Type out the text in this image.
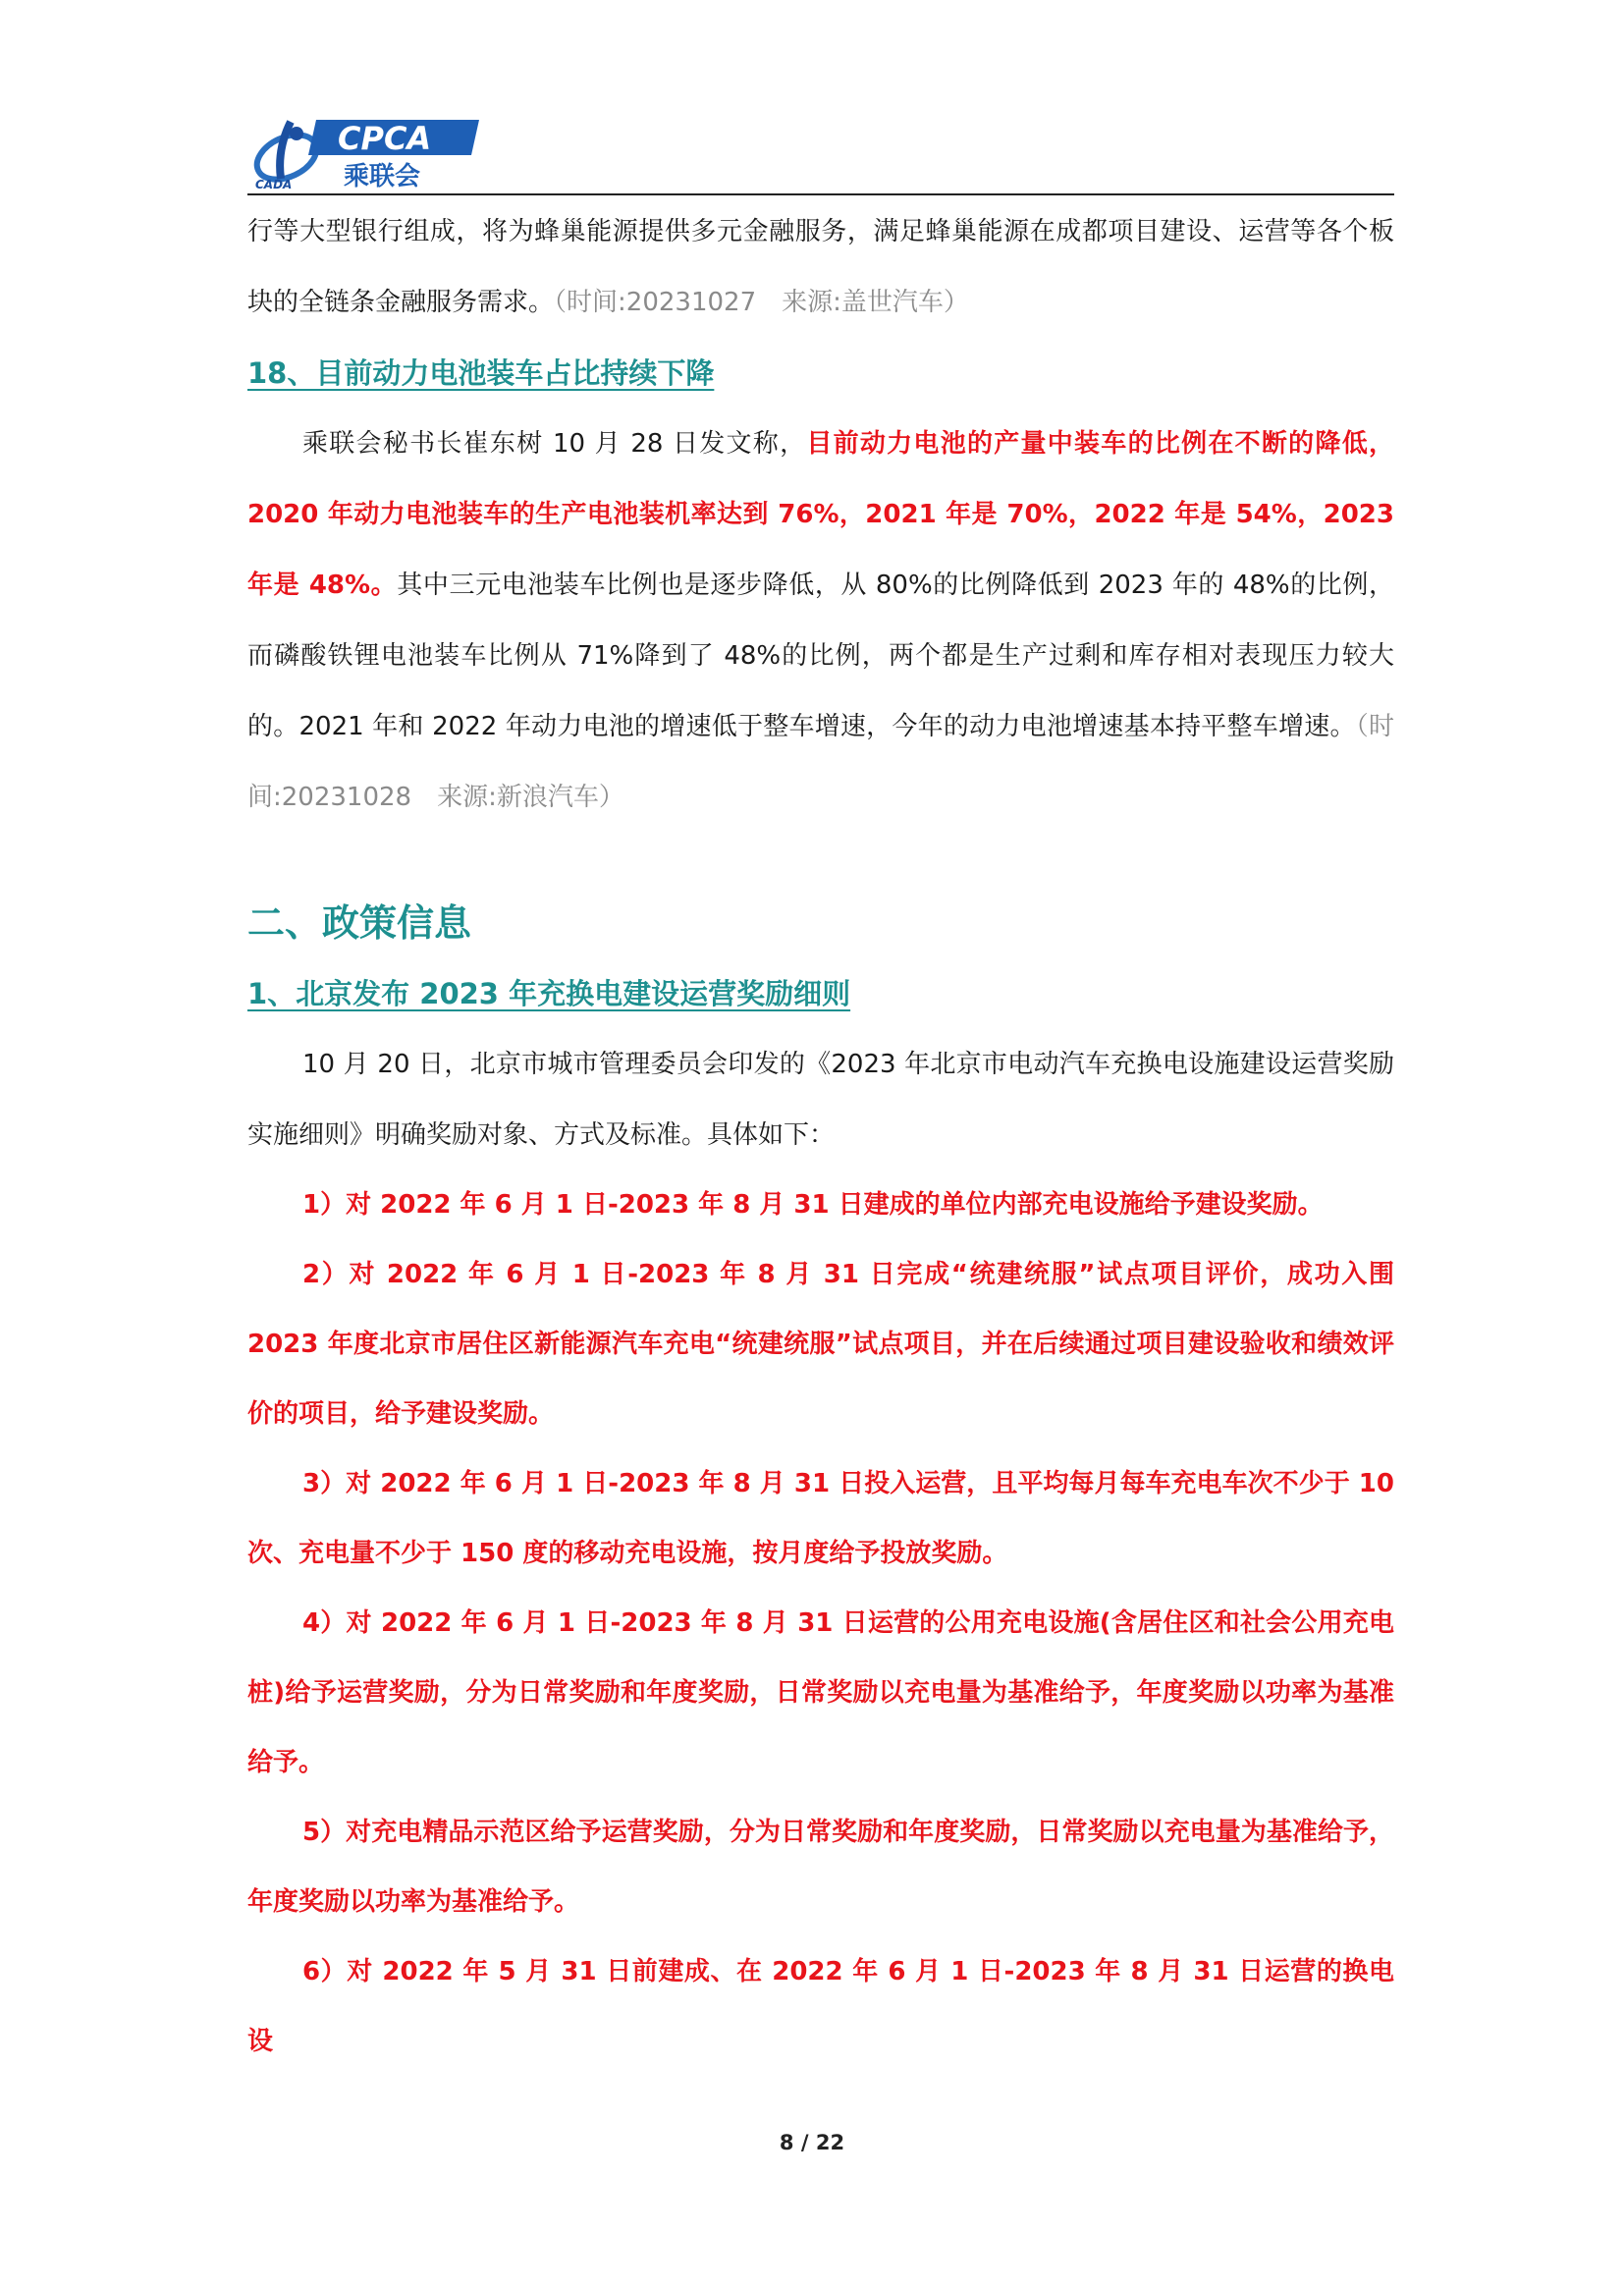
CPCA
乘联会
CADA

行等大型银行组成，将为蜂巢能源提供多元金融服务，满足蜂巢能源在成都项目建设、运营等各个板块的全链条金融服务需求。（时间:20231027　来源:盖世汽车）

18、目前动力电池装车占比持续下降

乘联会秘书长崔东树 10 月 28 日发文称，目前动力电池的产量中装车的比例在不断的降低，2020 年动力电池装车的生产电池装机率达到 76%，2021 年是 70%，2022 年是 54%，2023 年是 48%。其中三元电池装车比例也是逐步降低，从 80%的比例降低到 2023 年的 48%的比例，而磷酸铁锂电池装车比例从 71%降到了 48%的比例，两个都是生产过剩和库存相对表现压力较大的。2021 年和 2022 年动力电池的增速低于整车增速，今年的动力电池增速基本持平整车增速。（时间:20231028　来源:新浪汽车）

二、政策信息
1、北京发布 2023 年充换电建设运营奖励细则

10 月 20 日，北京市城市管理委员会印发的《2023 年北京市电动汽车充换电设施建设运营奖励实施细则》明确奖励对象、方式及标准。具体如下：

1）对 2022 年 6 月 1 日-2023 年 8 月 31 日建成的单位内部充电设施给予建设奖励。

2）对 2022 年 6 月 1 日-2023 年 8 月 31 日完成“统建统服”试点项目评价，成功入围 2023 年度北京市居住区新能源汽车充电“统建统服”试点项目，并在后续通过项目建设验收和绩效评价的项目，给予建设奖励。

3）对 2022 年 6 月 1 日-2023 年 8 月 31 日投入运营，且平均每月每车充电车次不少于 10 次、充电量不少于 150 度的移动充电设施，按月度给予投放奖励。

4）对 2022 年 6 月 1 日-2023 年 8 月 31 日运营的公用充电设施(含居住区和社会公用充电桩)给予运营奖励，分为日常奖励和年度奖励，日常奖励以充电量为基准给予，年度奖励以功率为基准给予。

5）对充电精品示范区给予运营奖励，分为日常奖励和年度奖励，日常奖励以充电量为基准给予，年度奖励以功率为基准给予。

6）对 2022 年 5 月 31 日前建成、在 2022 年 6 月 1 日-2023 年 8 月 31 日运营的换电设

8 / 22
